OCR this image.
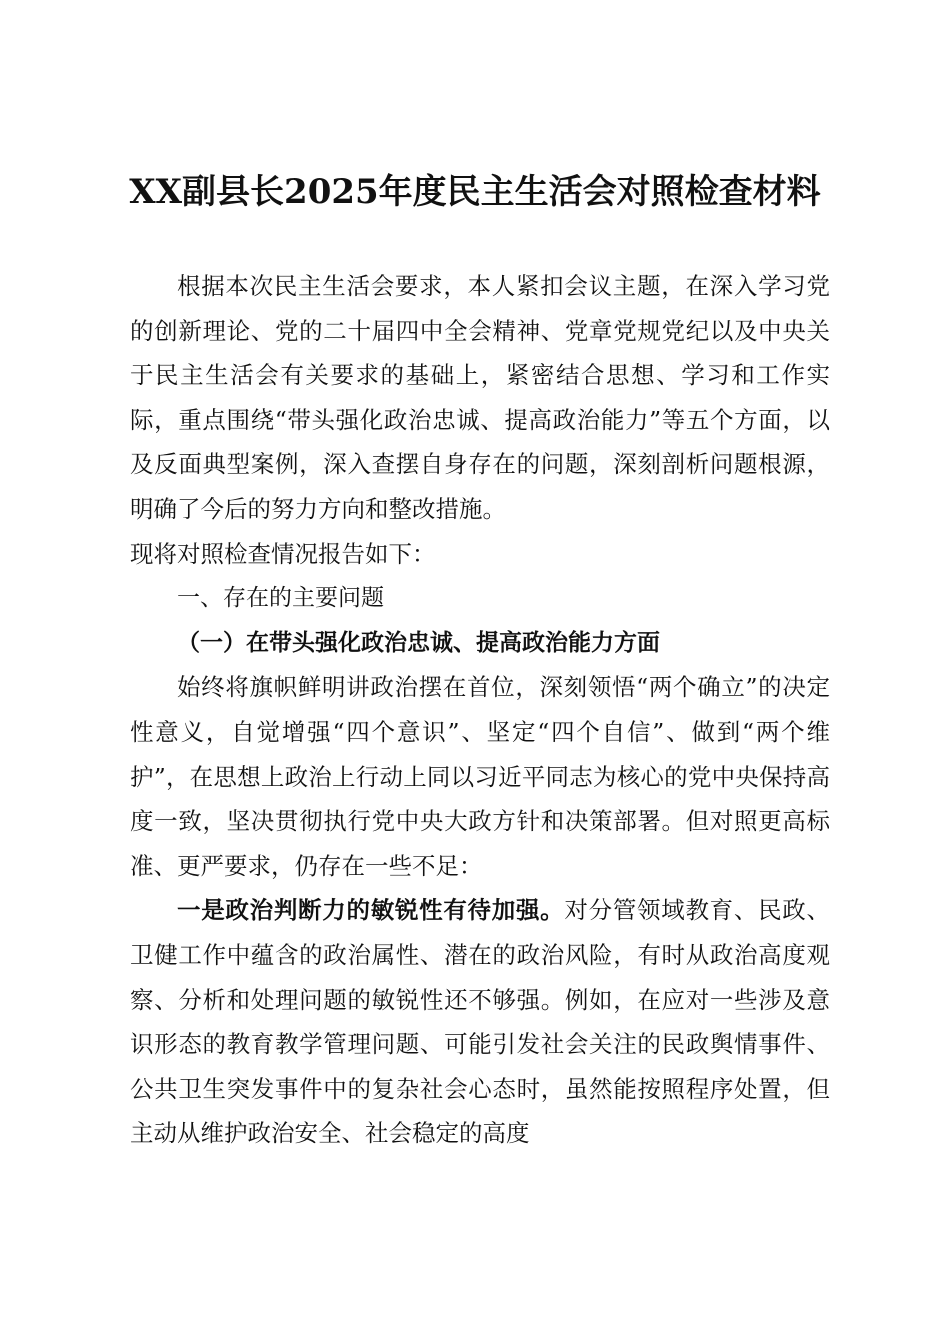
XX副县长2025年度民主生活会对照检查材料

根据本次民主生活会要求，本人紧扣会议主题，在深入学习党的创新理论、党的二十届四中全会精神、党章党规党纪以及中央关于民主生活会有关要求的基础上，紧密结合思想、学习和工作实际，重点围绕“带头强化政治忠诚、提高政治能力”等五个方面，以及反面典型案例，深入查摆自身存在的问题，深刻剖析问题根源，明确了今后的努力方向和整改措施。

现将对照检查情况报告如下：

一、存在的主要问题

（一）在带头强化政治忠诚、提高政治能力方面

始终将旗帜鲜明讲政治摆在首位，深刻领悟“两个确立”的决定性意义，自觉增强“四个意识”、坚定“四个自信”、做到“两个维护”，在思想上政治上行动上同以习近平同志为核心的党中央保持高度一致，坚决贯彻执行党中央大政方针和决策部署。但对照更高标准、更严要求，仍存在一些不足：

一是政治判断力的敏锐性有待加强。对分管领域教育、民政、卫健工作中蕴含的政治属性、潜在的政治风险，有时从政治高度观察、分析和处理问题的敏锐性还不够强。例如，在应对一些涉及意识形态的教育教学管理问题、可能引发社会关注的民政舆情事件、公共卫生突发事件中的复杂社会心态时，虽然能按照程序处置，但主动从维护政治安全、社会稳定的高度
